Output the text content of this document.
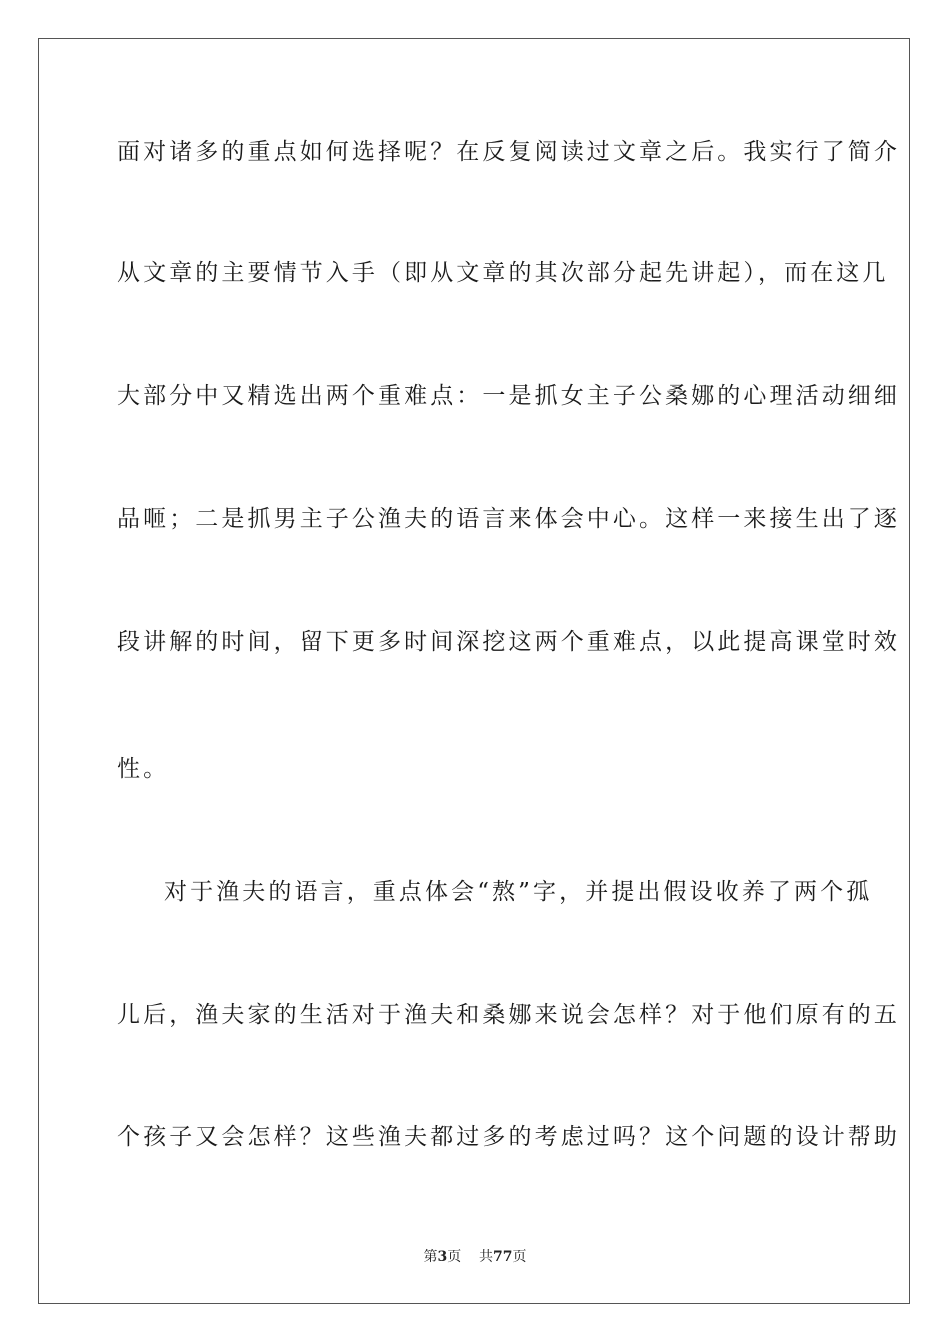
面对诸多的重点如何选择呢？在反复阅读过文章之后。我实行了简介
从文章的主要情节入手（即从文章的其次部分起先讲起），而在这几
大部分中又精选出两个重难点：一是抓女主子公桑娜的心理活动细细
品咂；二是抓男主子公渔夫的语言来体会中心。这样一来接生出了逐
段讲解的时间，留下更多时间深挖这两个重难点，以此提高课堂时效
性。
对于渔夫的语言，重点体会“熬”字，并提出假设收养了两个孤
儿后，渔夫家的生活对于渔夫和桑娜来说会怎样？对于他们原有的五
个孩子又会怎样？这些渔夫都过多的考虑过吗？这个问题的设计帮助
第3页 共77页
